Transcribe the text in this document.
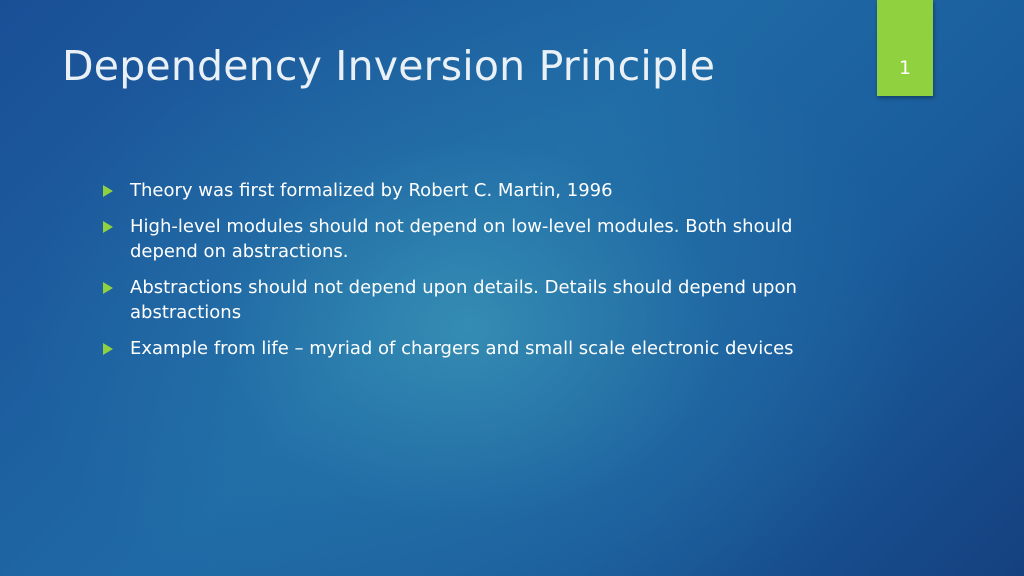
Dependency Inversion Principle	1
Theory was first formalized by Robert C. Martin, 1996
High-level modules should not depend on low-level modules. Both should depend on abstractions.
Abstractions should not depend upon details. Details should depend upon abstractions
Example from life – myriad of chargers and small scale electronic devices
